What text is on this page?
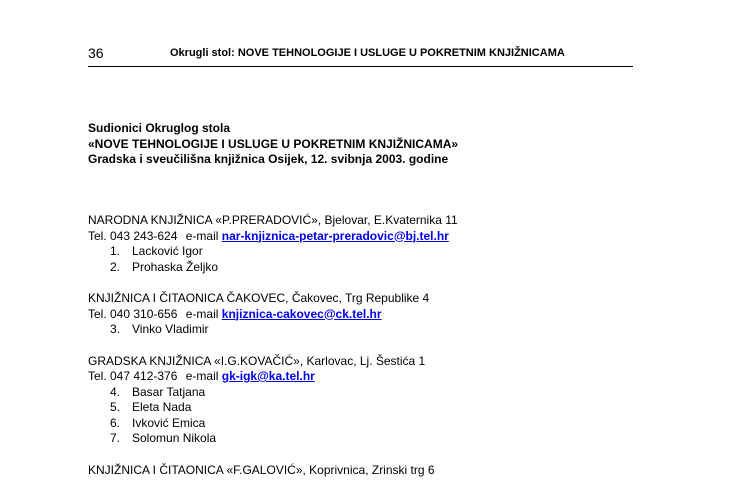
36	Okrugli stol: NOVE TEHNOLOGIJE I USLUGE U POKRETNIM KNJIŽNICAMA
Sudionici Okruglog stola
«NOVE TEHNOLOGIJE I USLUGE U POKRETNIM KNJIŽNICAMA»
Gradska i sveučilišna knjižnica Osijek, 12. svibnja 2003. godine
NARODNA KNJIŽNICA «P.PRERADOVIĆ», Bjelovar, E.Kvaternika 11
Tel. 043 243-624 e-mail nar-knjiznica-petar-preradovic@bj.tel.hr
1. Lacković Igor
2. Prohaska Željko
KNJIŽNICA I ČITAONICA ČAKOVEC, Čakovec, Trg Republike 4
Tel. 040 310-656 e-mail knjiznica-cakovec@ck.tel.hr
3. Vinko Vladimir
GRADSKA KNJIŽNICA «I.G.KOVAČIĆ», Karlovac, Lj. Šestića 1
Tel. 047 412-376 e-mail gk-igk@ka.tel.hr
4. Basar Tatjana
5. Eleta Nada
6. Ivković Emica
7. Solomun Nikola
KNJIŽNICA I ČITAONICA «F.GALOVIĆ», Koprivnica, Zrinski trg 6
